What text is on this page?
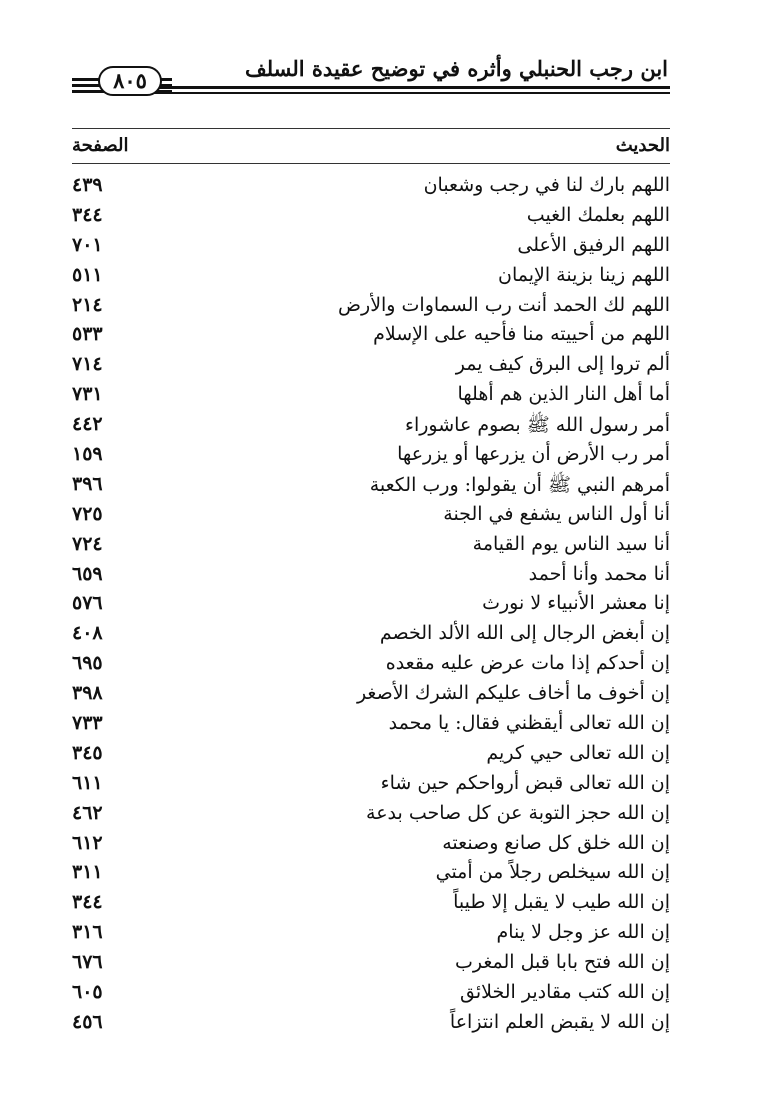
ابن رجب الحنبلي وأثره في توضيح عقيدة السلف
٨٠٥
الحديث
الصفحة
اللهم بارك لنا في رجب وشعبان
٤٣٩
اللهم بعلمك الغيب
٣٤٤
اللهم الرفيق الأعلى
٧٠١
اللهم زينا بزينة الإيمان
٥١١
اللهم لك الحمد أنت رب السماوات والأرض
٢١٤
اللهم من أحييته منا فأحيه على الإسلام
٥٣٣
ألم تروا إلى البرق كيف يمر
٧١٤
أما أهل النار الذين هم أهلها
٧٣١
أمر رسول الله ﷺ بصوم عاشوراء
٤٤٢
أمر رب الأرض أن يزرعها أو يزرعها
١٥٩
أمرهم النبي ﷺ أن يقولوا: ورب الكعبة
٣٩٦
أنا أول الناس يشفع في الجنة
٧٢٥
أنا سيد الناس يوم القيامة
٧٢٤
أنا محمد وأنا أحمد
٦٥٩
إنا معشر الأنبياء لا نورث
٥٧٦
إن أبغض الرجال إلى الله الألد الخصم
٤٠٨
إن أحدكم إذا مات عرض عليه مقعده
٦٩٥
إن أخوف ما أخاف عليكم الشرك الأصغر
٣٩٨
إن الله تعالى أيقظني فقال: يا محمد
٧٣٣
إن الله تعالى حيي كريم
٣٤٥
إن الله تعالى قبض أرواحكم حين شاء
٦١١
إن الله حجز التوبة عن كل صاحب بدعة
٤٦٢
إن الله خلق كل صانع وصنعته
٦١٢
إن الله سيخلص رجلاً من أمتي
٣١١
إن الله طيب لا يقبل إلا طيباً
٣٤٤
إن الله عز وجل لا ينام
٣١٦
إن الله فتح بابا قبل المغرب
٦٧٦
إن الله كتب مقادير الخلائق
٦٠٥
إن الله لا يقبض العلم انتزاعاً
٤٥٦
